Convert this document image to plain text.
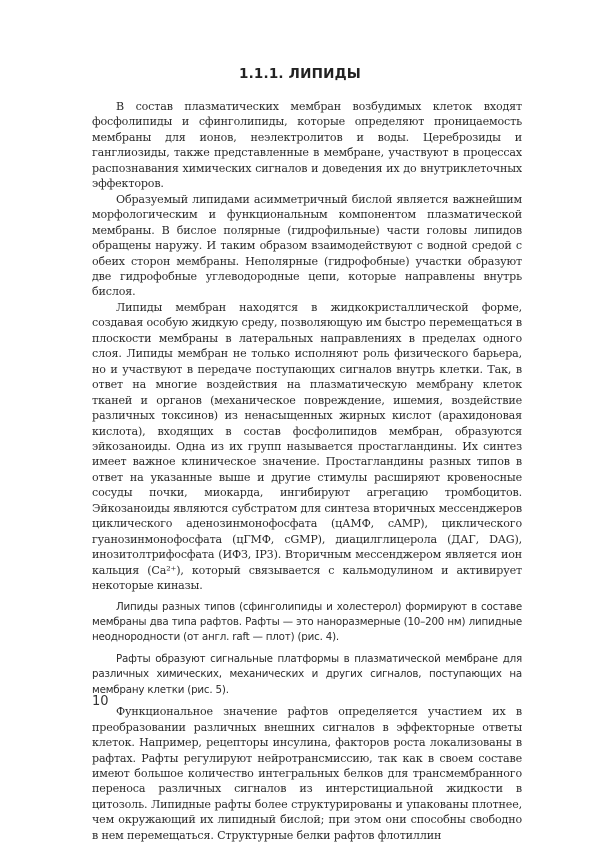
1.1.1. ЛИПИДЫ

В состав плазматических мембран возбудимых клеток входят фосфолипиды и сфинголипиды, которые определяют проницаемость мембраны для ионов, неэлектролитов и воды. Цереброзиды и ганглиозиды, также представленные в мембране, участвуют в процессах распознавания химических сигналов и доведения их до внутриклеточных эффекторов.

Образуемый липидами асимметричный бислой является важнейшим морфологическим и функциональным компонентом плазматической мембраны. В бислое полярные (гидрофильные) части головы липидов обращены наружу. И таким образом взаимодействуют с водной средой с обеих сторон мембраны. Неполярные (гидрофобные) участки образуют две гидрофобные углеводородные цепи, которые направлены внутрь бислоя.

Липиды мембран находятся в жидкокристаллической форме, создавая особую жидкую среду, позволяющую им быстро перемещаться в плоскости мембраны в латеральных направлениях в пределах одного слоя. Липиды мембран не только исполняют роль физического барьера, но и участвуют в передаче поступающих сигналов внутрь клетки. Так, в ответ на многие воздействия на плазматическую мембрану клеток тканей и органов (механическое повреждение, ишемия, воздействие различных токсинов) из ненасыщенных жирных кислот (арахидоновая кислота), входящих в состав фосфолипидов мембран, образуются эйкозаноиды. Одна из их групп называется простагландины. Их синтез имеет важное клиническое значение. Простагландины разных типов в ответ на указанные выше и другие стимулы расширяют кровеносные сосуды почки, миокарда, ингибируют агрегацию тромбоцитов. Эйкозаноиды являются субстратом для синтеза вторичных мессенджеров циклического аденозинмонофосфата (цАМФ, cAMP), циклического гуанозинмонофосфата (цГМФ, cGMP), диацилглицерола (ДАГ, DAG), инозитолтрифосфата (ИФЗ, IP3). Вторичным мессенджером является ион кальция (Ca²⁺), который связывается с кальмодулином и активирует некоторые киназы.

Липиды разных типов (сфинголипиды и холестерол) формируют в составе мембраны два типа рафтов. Рафты — это наноразмерные (10–200 нм) липидные неоднородности (от англ. raft — плот) (рис. 4).

Рафты образуют сигнальные платформы в плазматической мембране для различных химических, механических и других сигналов, поступающих на мембрану клетки (рис. 5).

Функциональное значение рафтов определяется участием их в преобразовании различных внешних сигналов в эффекторные ответы клеток. Например, рецепторы инсулина, факторов роста локализованы в рафтах. Рафты регулируют нейротрансмиссию, так как в своем составе имеют большое количество интегральных белков для трансмембранного переноса различных сигналов из интерстициальной жидкости в цитозоль. Липидные рафты более структурированы и упакованы плотнее, чем окружающий их липидный бислой; при этом они способны свободно в нем перемещаться. Структурные белки рафтов флотиллин

10
